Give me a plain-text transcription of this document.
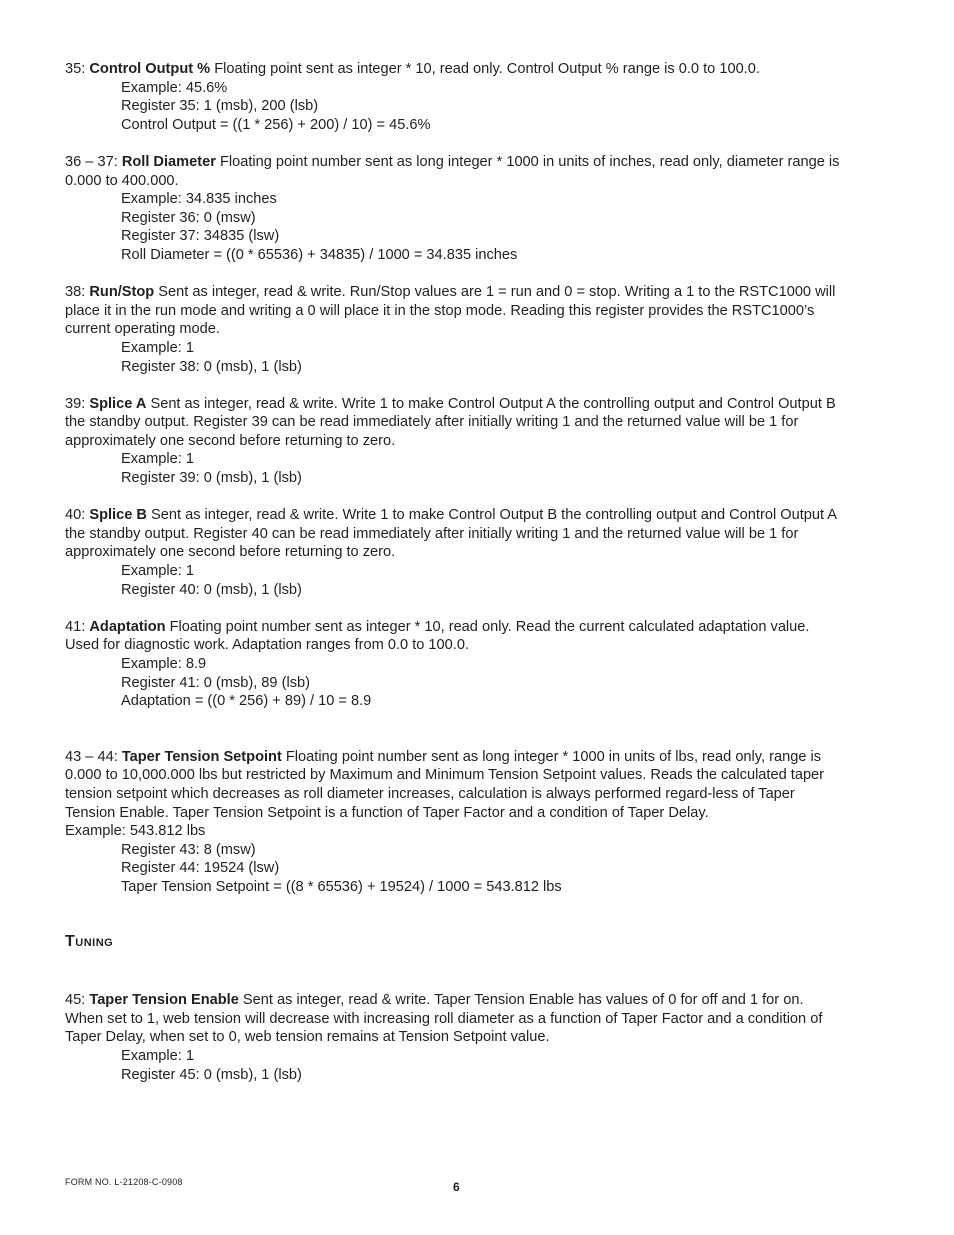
35: Control Output % Floating point sent as integer * 10, read only. Control Output % range is 0.0 to 100.0.

Example: 45.6%

Register 35: 1 (msb), 200 (lsb)

Control Output = ((1 * 256) + 200) / 10) = 45.6%

36 – 37: Roll Diameter Floating point number sent as long integer * 1000 in units of inches, read only, diameter range is 0.000 to 400.000.

Example: 34.835 inches

Register 36: 0 (msw)

Register 37: 34835 (lsw)

Roll Diameter = ((0 * 65536) + 34835) / 1000 = 34.835 inches

38: Run/Stop Sent as integer, read & write. Run/Stop values are 1 = run and 0 = stop. Writing a 1 to the RSTC1000 will place it in the run mode and writing a 0 will place it in the stop mode. Reading this register provides the RSTC1000’s current operating mode.

Example: 1

Register 38: 0 (msb), 1 (lsb)

39: Splice A Sent as integer, read & write. Write 1 to make Control Output A the controlling output and Control Output B the standby output. Register 39 can be read immediately after initially writing 1 and the returned value will be 1 for approximately one second before returning to zero.

Example: 1

Register 39: 0 (msb), 1 (lsb)

40: Splice B Sent as integer, read & write. Write 1 to make Control Output B the controlling output and Control Output A the standby output. Register 40 can be read immediately after initially writing 1 and the returned value will be 1 for approximately one second before returning to zero.

Example: 1

Register 40: 0 (msb), 1 (lsb)

41: Adaptation Floating point number sent as integer * 10, read only. Read the current calculated adaptation value. Used for diagnostic work. Adaptation ranges from 0.0 to 100.0.

Example: 8.9

Register 41: 0 (msb), 89 (lsb)

Adaptation = ((0 * 256) + 89) / 10 = 8.9

43 – 44: Taper Tension Setpoint Floating point number sent as long integer * 1000 in units of lbs, read only, range is 0.000 to 10,000.000 lbs but restricted by Maximum and Minimum Tension Setpoint values. Reads the calculated taper tension setpoint which decreases as roll diameter increases, calculation is always performed regard-less of Taper Tension Enable. Taper Tension Setpoint is a function of Taper Factor and a condition of Taper Delay.

Example: 543.812 lbs

Register 43: 8 (msw)

Register 44: 19524 (lsw)

Taper Tension Setpoint = ((8 * 65536) + 19524) / 1000 = 543.812 lbs

Tuning

45: Taper Tension Enable Sent as integer, read & write. Taper Tension Enable has values of 0 for off and 1 for on. When set to 1, web tension will decrease with increasing roll diameter as a function of Taper Factor and a condition of Taper Delay, when set to 0, web tension remains at Tension Setpoint value.

Example: 1

Register 45: 0 (msb), 1 (lsb)

FORM NO. L-21208-C-0908	6
